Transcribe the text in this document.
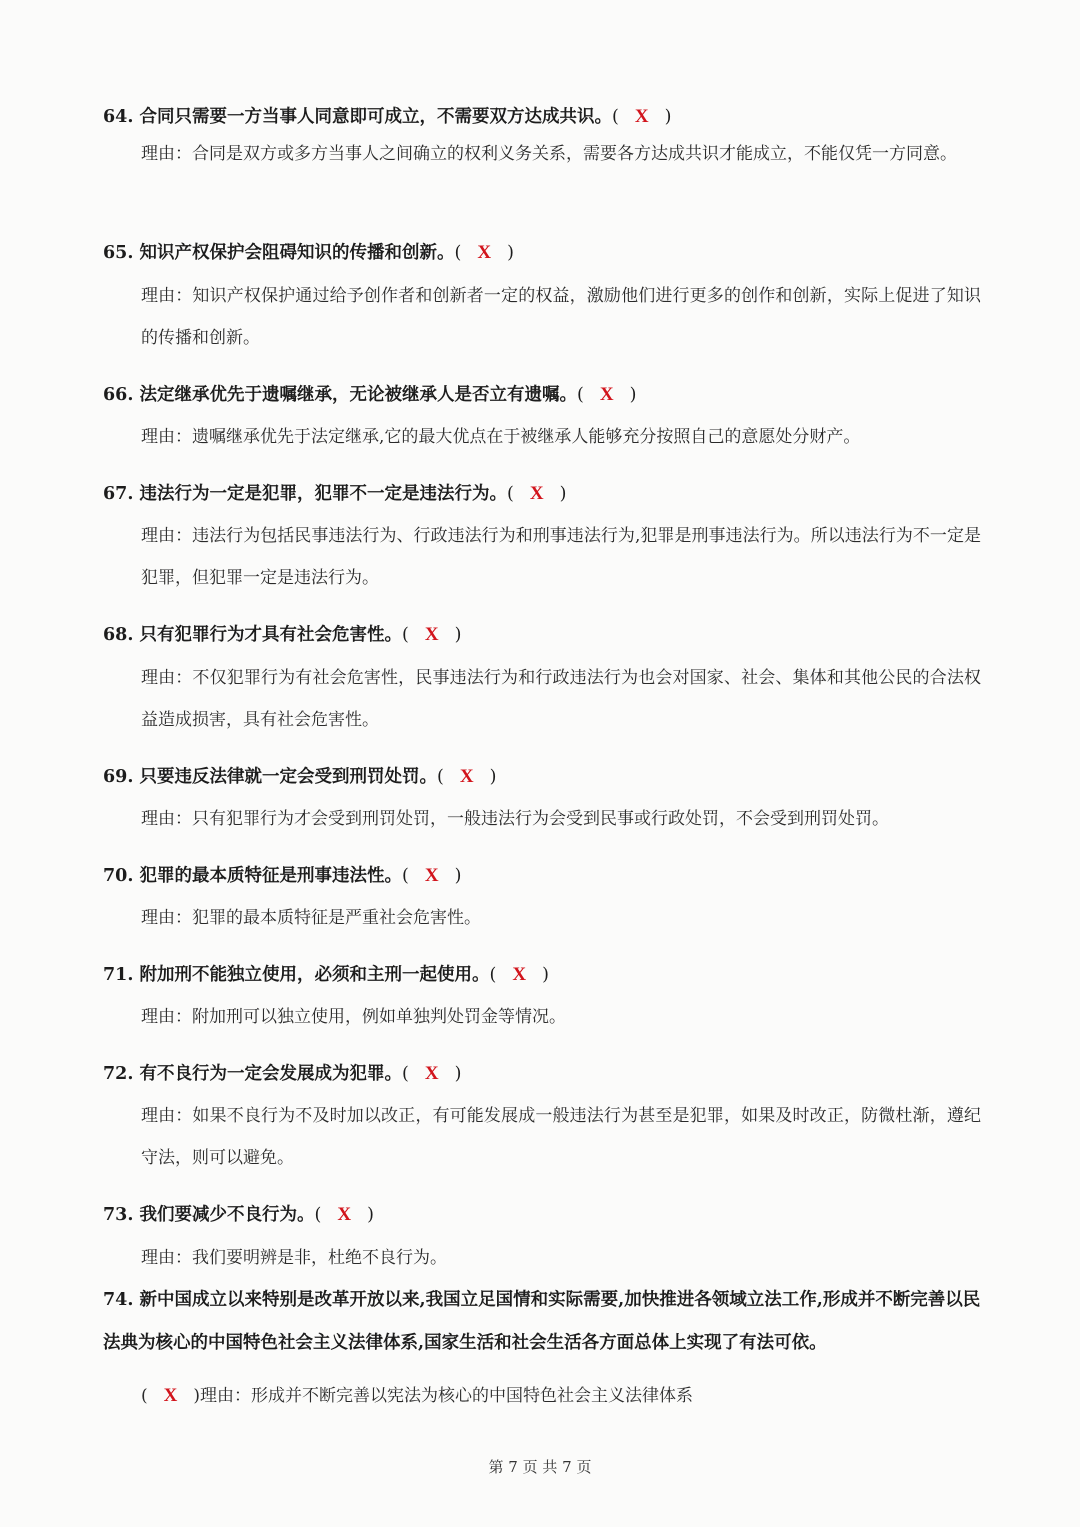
64. 合同只需要一方当事人同意即可成立，不需要双方达成共识。( X )
理由：合同是双方或多方当事人之间确立的权利义务关系，需要各方达成共识才能成立，不能仅凭一方同意。
65. 知识产权保护会阻碍知识的传播和创新。( X )
理由：知识产权保护通过给予创作者和创新者一定的权益，激励他们进行更多的创作和创新，实际上促进了知识的传播和创新。
66. 法定继承优先于遗嘱继承，无论被继承人是否立有遗嘱。( X )
理由：遗嘱继承优先于法定继承,它的最大优点在于被继承人能够充分按照自己的意愿处分财产。
67. 违法行为一定是犯罪，犯罪不一定是违法行为。( X )
理由：违法行为包括民事违法行为、行政违法行为和刑事违法行为,犯罪是刑事违法行为。所以违法行为不一定是犯罪，但犯罪一定是违法行为。
68. 只有犯罪行为才具有社会危害性。( X )
理由：不仅犯罪行为有社会危害性，民事违法行为和行政违法行为也会对国家、社会、集体和其他公民的合法权益造成损害，具有社会危害性。
69. 只要违反法律就一定会受到刑罚处罚。( X )
理由：只有犯罪行为才会受到刑罚处罚，一般违法行为会受到民事或行政处罚，不会受到刑罚处罚。
70. 犯罪的最本质特征是刑事违法性。( X )
理由：犯罪的最本质特征是严重社会危害性。
71. 附加刑不能独立使用，必须和主刑一起使用。( X )
理由：附加刑可以独立使用，例如单独判处罚金等情况。
72. 有不良行为一定会发展成为犯罪。( X )
理由：如果不良行为不及时加以改正，有可能发展成一般违法行为甚至是犯罪，如果及时改正，防微杜渐，遵纪守法，则可以避免。
73. 我们要减少不良行为。( X )
理由：我们要明辨是非，杜绝不良行为。
74. 新中国成立以来特别是改革开放以来,我国立足国情和实际需要,加快推进各领域立法工作,形成并不断完善以民法典为核心的中国特色社会主义法律体系,国家生活和社会生活各方面总体上实现了有法可依。
( X )理由：形成并不断完善以宪法为核心的中国特色社会主义法律体系
第 7 页 共 7 页
